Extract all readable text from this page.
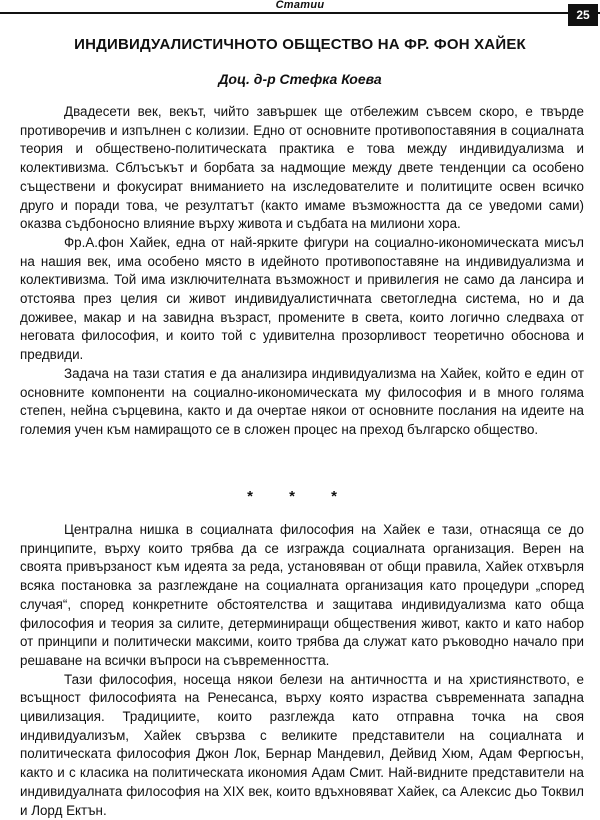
Статии
25
ИНДИВИДУАЛИСТИЧНОТО ОБЩЕСТВО НА ФР. ФОН ХАЙЕК
Доц. д-р Стефка Коева

Двадесети век, векът, чийто завършек ще отбележим съвсем скоро, е твърде противоречив и изпълнен с колизии. Едно от основните противопоставяния в социалната теория и обществено-политическата практика е това между индивидуализма и колективизма. Сблъсъкът и борбата за надмощие между двете тенденции са особено съществени и фокусират вниманието на изследователите и политиците освен всичко друго и поради това, че резултатът (както имаме възможността да се уведоми сами) оказва съдбоносно влияние върху живота и съдбата на милиони хора.

Фр.А.фон Хайек, една от най-ярките фигури на социално-икономическата мисъл на нашия век, има особено място в идейното противопоставяне на индивидуализма и колективизма. Той има изключителната възможност и привилегия не само да лансира и отстоява през целия си живот индивидуалистичната светогледна система, но и да доживее, макар и на завидна възраст, промените в света, които логично следваха от неговата философия, и които той с удивителна прозорливост теоретично обоснова и предвиди.

Задача на тази статия е да анализира индивидуализма на Хайек, който е един от основните компоненти на социално-икономическата му философия и в много голяма степен, нейна сърцевина, както и да очертае някои от основните послания на идеите на големия учен към намиращото се в сложен процес на преход българско общество.

* * *

Централна нишка в социалната философия на Хайек е тази, отнасяща се до принципите, върху които трябва да се изгражда социалната организация. Верен на своята привързаност към идеята за реда, установяван от общи правила, Хайек отхвърля всяка постановка за разглеждане на социалната организация като процедури „според случая“, според конкретните обстоятелства и защитава индивидуализма като обща философия и теория за силите, детерминиращи обществения живот, както и като набор от принципи и политически максими, които трябва да служат като ръководно начало при решаване на всички въпроси на съвременността.

Тази философия, носеща някои белези на античността и на християнството, е всъщност философията на Ренесанса, върху която израства съвременната западна цивилизация. Традициите, които разглежда като отправна точка на своя индивидуализъм, Хайек свързва с великите представители на социалната и политическата философия Джон Лок, Бернар Мандевил, Дейвид Хюм, Адам Фергюсън, както и с класика на политическата икономия Адам Смит. Най-видните представители на индивидуалната философия на XIX век, които вдъхновяват Хайек, са Алексис дьо Токвил и Лорд Ектън.
